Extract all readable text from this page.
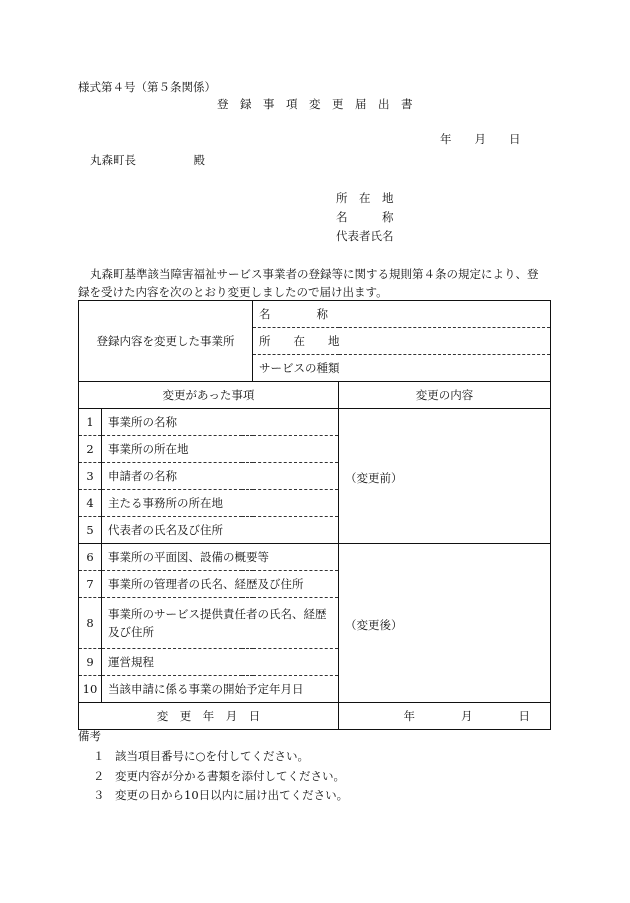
様式第４号（第５条関係）
登　録　事　項　変　更　届　出　書
年　　月　　日
丸森町長　　　　　殿
所　在　地
名　　　称
代表者氏名
丸森町基準該当障害福祉サービス事業者の登録等に関する規則第４条の規定により、登
録を受けた内容を次のとおり変更しましたので届け出ます。
登録内容を変更した事業所		名　　　　称	
		所　　在　　地	
		サービスの種類	
変更があった事項			変更の内容
1	事業所の名称		（変更前）
2	事業所の所在地		
3	申請者の名称		
4	主たる事務所の所在地		
5	代表者の氏名及び住所		
6	事業所の平面図、設備の概要等		（変更後）
7	事業所の管理者の氏名、経歴及び住所		
8	事業所のサービス提供責任者の氏名、経歴
及び住所		
9	運営規程		
10	当該申請に係る事業の開始予定年月日		
変　更　年　月　日			年　　　　月　　　　日
備考
１ 該当項目番号に○を付してください。
２ 変更内容が分かる書類を添付してください。
３ 変更の日から10日以内に届け出てください。
